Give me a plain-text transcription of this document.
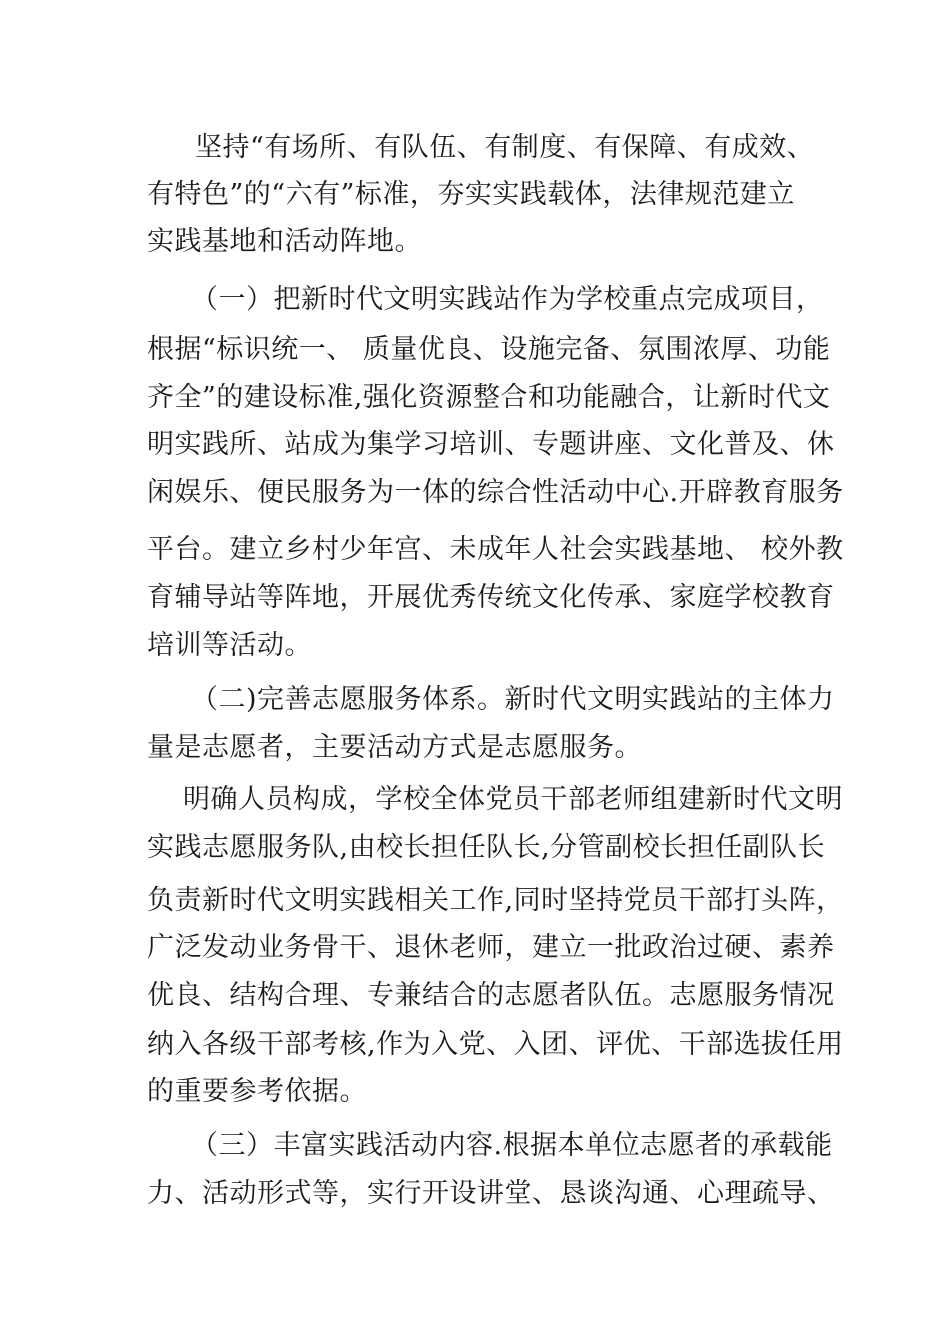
坚持“有场所、有队伍、有制度、有保障、有成效、
有特色”的“六有”标准，夯实实践载体，法律规范建立
实践基地和活动阵地。
（一）把新时代文明实践站作为学校重点完成项目，
根据“标识统一、 质量优良、设施完备、氛围浓厚、功能
齐全”的建设标准,强化资源整合和功能融合，让新时代文
明实践所、站成为集学习培训、专题讲座、文化普及、休
闲娱乐、便民服务为一体的综合性活动中心.开辟教育服务
平台。建立乡村少年宫、未成年人社会实践基地、 校外教
育辅导站等阵地，开展优秀传统文化传承、家庭学校教育
培训等活动。
（二)完善志愿服务体系。新时代文明实践站的主体力
量是志愿者，主要活动方式是志愿服务。
明确人员构成，学校全体党员干部老师组建新时代文明
实践志愿服务队,由校长担任队长,分管副校长担任副队长
负责新时代文明实践相关工作,同时坚持党员干部打头阵，
广泛发动业务骨干、退休老师，建立一批政治过硬、素养
优良、结构合理、专兼结合的志愿者队伍。志愿服务情况
纳入各级干部考核,作为入党、入团、评优、干部选拔任用
的重要参考依据。
（三）丰富实践活动内容.根据本单位志愿者的承载能
力、活动形式等，实行开设讲堂、恳谈沟通、心理疏导、
